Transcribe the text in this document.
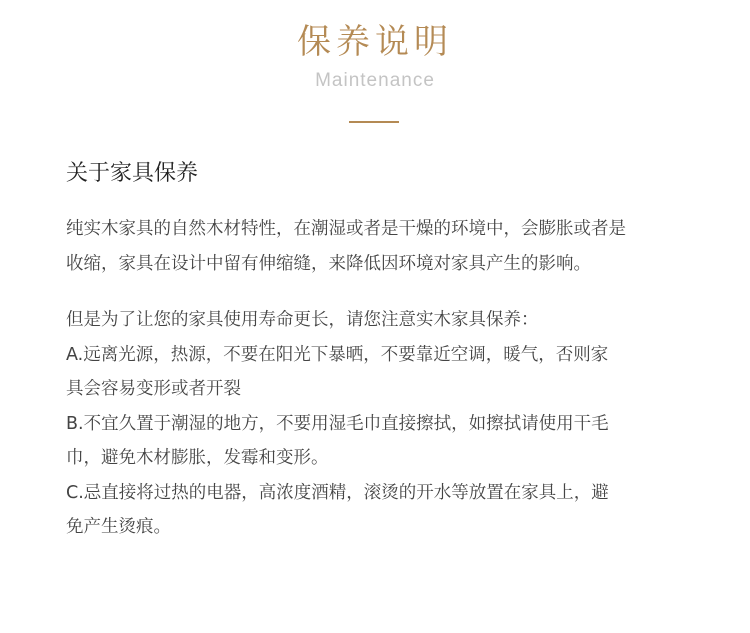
保养说明
Maintenance
关于家具保养

纯实木家具的自然木材特性，在潮湿或者是干燥的环境中，会膨胀或者是
收缩，家具在设计中留有伸缩缝，来降低因环境对家具产生的影响。

但是为了让您的家具使用寿命更长，请您注意实木家具保养：
A.远离光源，热源，不要在阳光下暴晒，不要靠近空调，暖气，否则家
具会容易变形或者开裂
B.不宜久置于潮湿的地方，不要用湿毛巾直接擦拭，如擦拭请使用干毛
巾，避免木材膨胀，发霉和变形。
C.忌直接将过热的电器，高浓度酒精，滚烫的开水等放置在家具上，避
免产生烫痕。
